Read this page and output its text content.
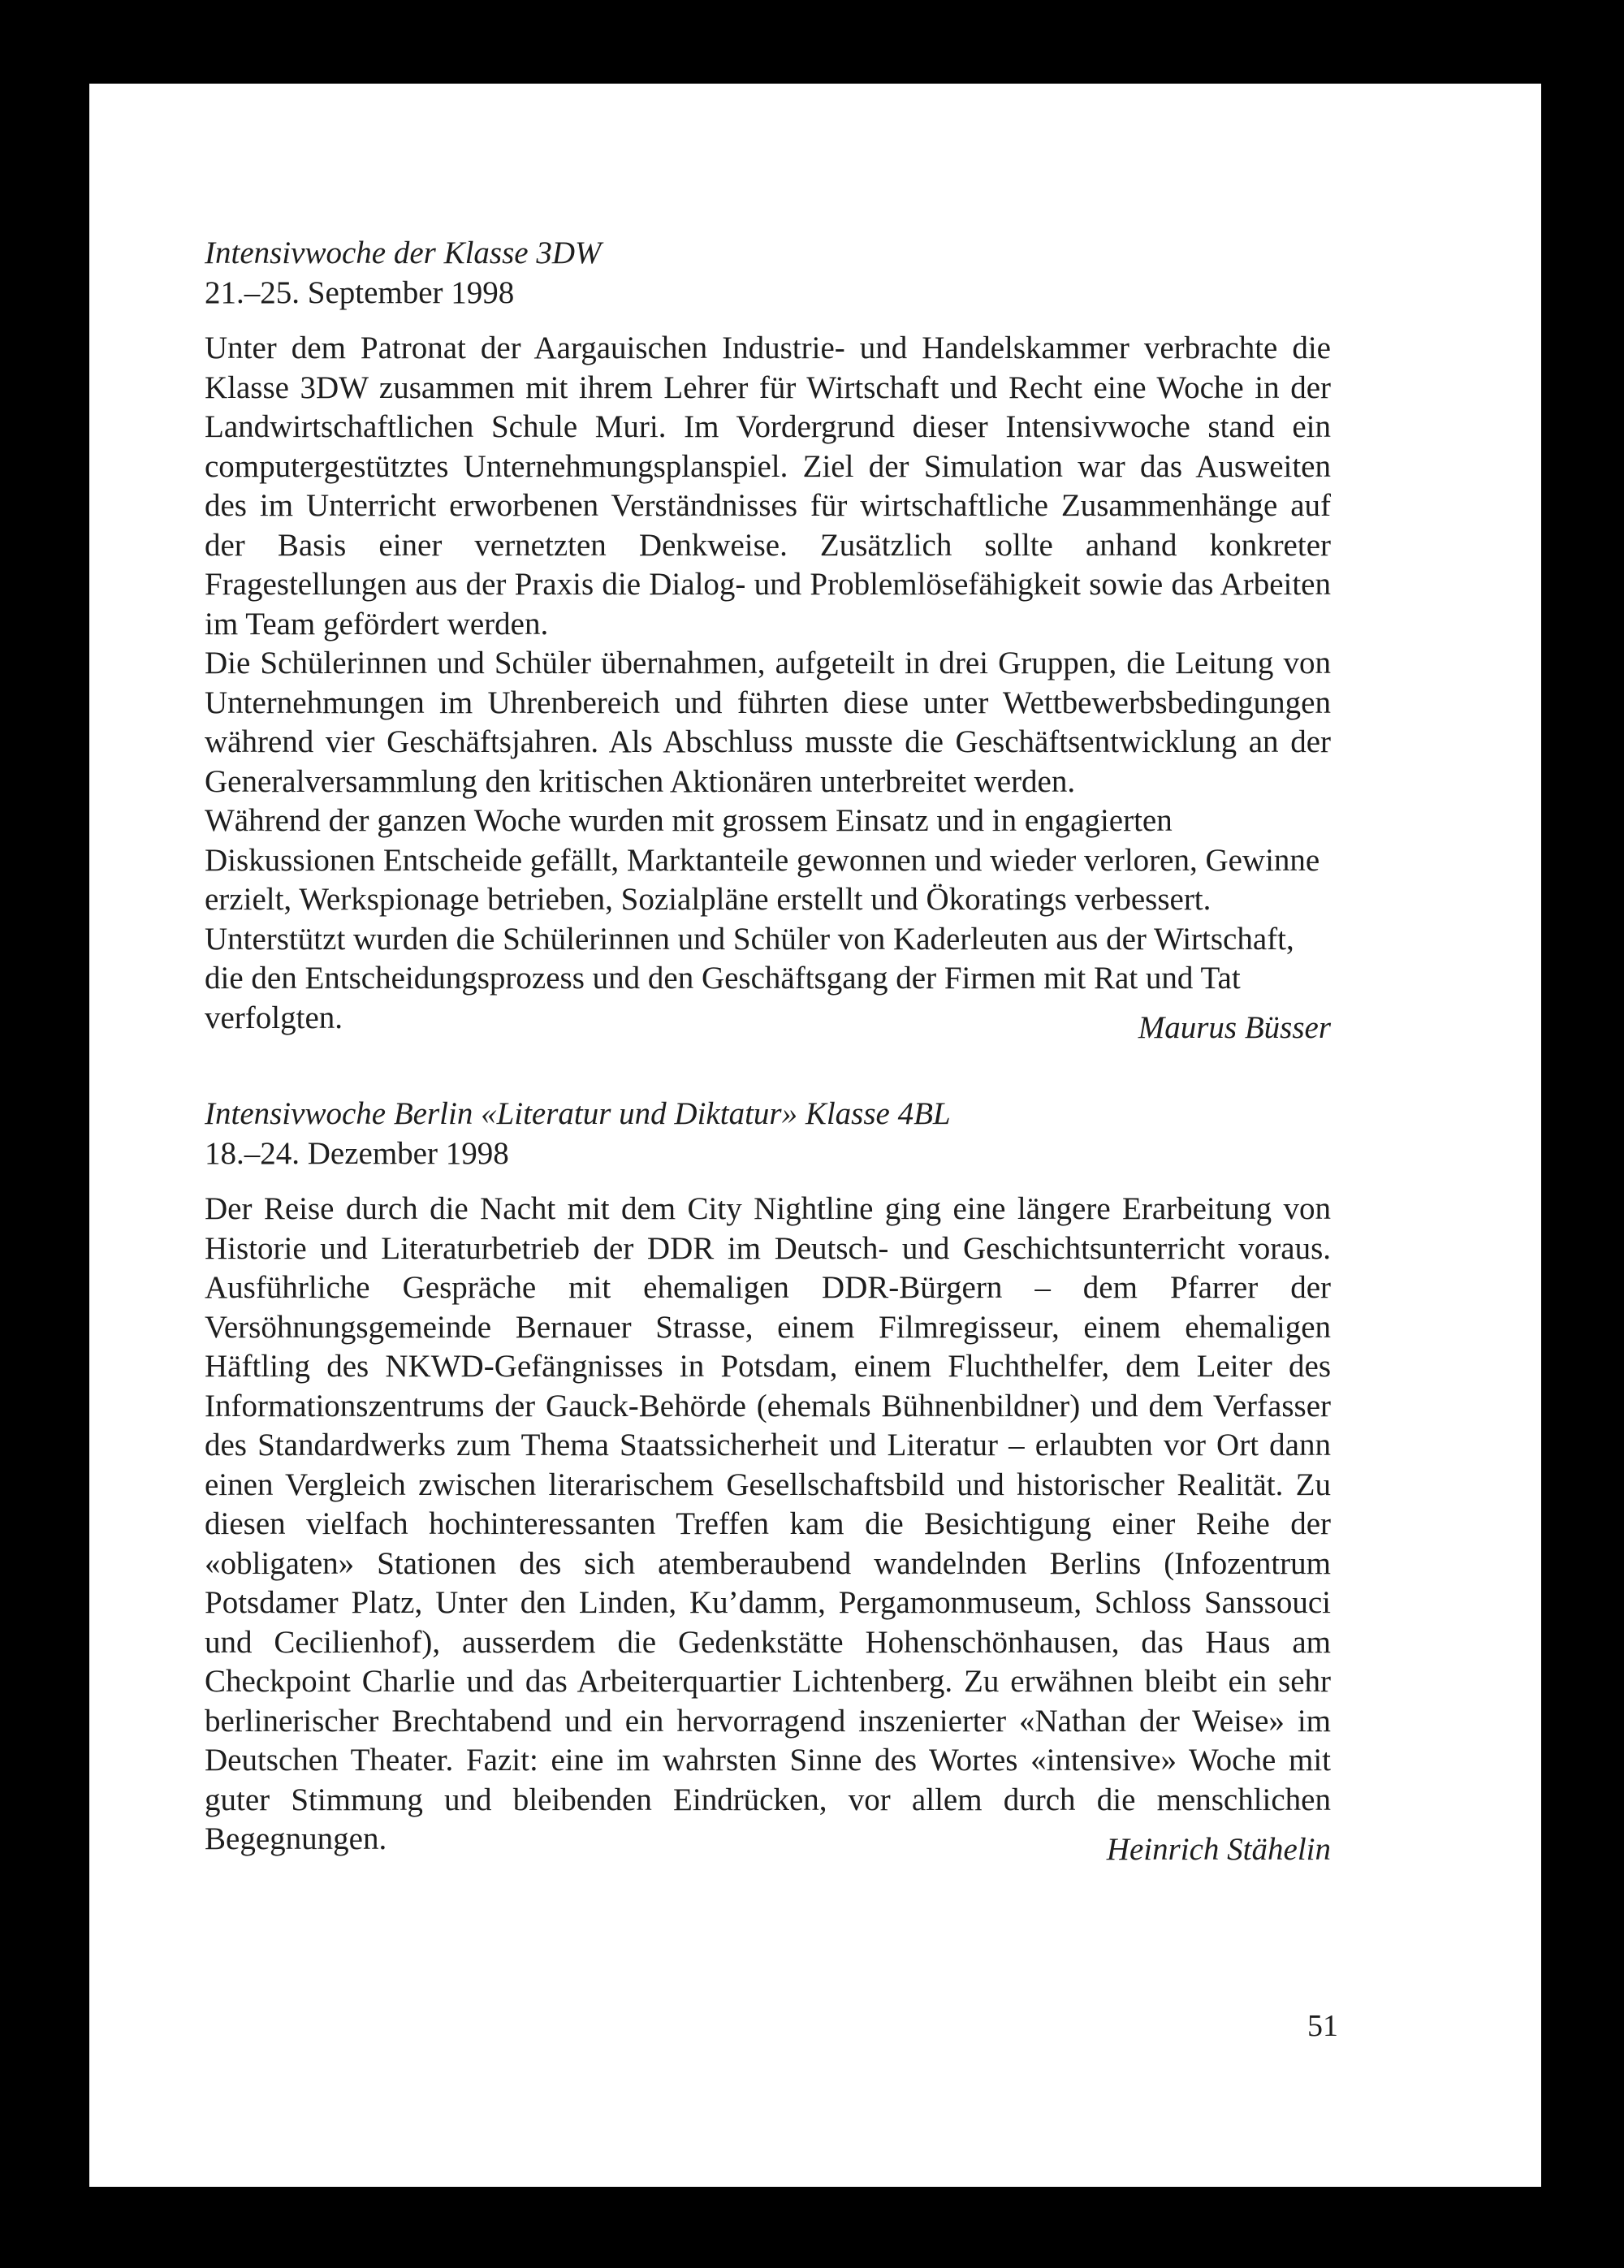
Intensivwoche der Klasse 3DW

21.–25. September 1998

Unter dem Patronat der Aargauischen Industrie- und Handelskammer verbrachte die Klasse 3DW zusammen mit ihrem Lehrer für Wirtschaft und Recht eine Woche in der Landwirtschaftlichen Schule Muri. Im Vordergrund dieser Intensivwoche stand ein computergestütztes Unternehmungsplanspiel. Ziel der Simulation war das Ausweiten des im Unterricht erworbenen Verständnisses für wirtschaftliche Zusammenhänge auf der Basis einer vernetzten Denkweise. Zusätzlich sollte anhand konkreter Fragestellungen aus der Praxis die Dialog- und Problemlösefähigkeit sowie das Arbeiten im Team gefördert werden.

Die Schülerinnen und Schüler übernahmen, aufgeteilt in drei Gruppen, die Leitung von Unternehmungen im Uhrenbereich und führten diese unter Wettbewerbsbedingungen während vier Geschäftsjahren. Als Abschluss musste die Geschäftsentwicklung an der Generalversammlung den kritischen Aktionären unterbreitet werden.

Während der ganzen Woche wurden mit grossem Einsatz und in engagierten Diskussionen Entscheide gefällt, Marktanteile gewonnen und wieder verloren, Gewinne erzielt, Werkspionage betrieben, Sozialpläne erstellt und Ökoratings verbessert. Unterstützt wurden die Schülerinnen und Schüler von Kaderleuten aus der Wirtschaft, die den Entscheidungsprozess und den Geschäftsgang der Firmen mit Rat und Tat verfolgten.	Maurus Büsser

Intensivwoche Berlin «Literatur und Diktatur» Klasse 4BL

18.–24. Dezember 1998

Der Reise durch die Nacht mit dem City Nightline ging eine längere Erarbeitung von Historie und Literaturbetrieb der DDR im Deutsch- und Geschichtsunterricht voraus. Ausführliche Gespräche mit ehemaligen DDR-Bürgern – dem Pfarrer der Versöhnungsgemeinde Bernauer Strasse, einem Filmregisseur, einem ehemaligen Häftling des NKWD-Gefängnisses in Potsdam, einem Fluchthelfer, dem Leiter des Informationszentrums der Gauck-Behörde (ehemals Bühnenbildner) und dem Verfasser des Standardwerks zum Thema Staatssicherheit und Literatur – erlaubten vor Ort dann einen Vergleich zwischen literarischem Gesellschaftsbild und historischer Realität. Zu diesen vielfach hochinteressanten Treffen kam die Besichtigung einer Reihe der «obligaten» Stationen des sich atemberaubend wandelnden Berlins (Infozentrum Potsdamer Platz, Unter den Linden, Ku’damm, Pergamonmuseum, Schloss Sanssouci und Cecilienhof), ausserdem die Gedenkstätte Hohenschönhausen, das Haus am Checkpoint Charlie und das Arbeiterquartier Lichtenberg. Zu erwähnen bleibt ein sehr berlinerischer Brechtabend und ein hervorragend inszenierter «Nathan der Weise» im Deutschen Theater. Fazit: eine im wahrsten Sinne des Wortes «intensive» Woche mit guter Stimmung und bleibenden Eindrücken, vor allem durch die menschlichen Begegnungen.	Heinrich Stähelin
51
